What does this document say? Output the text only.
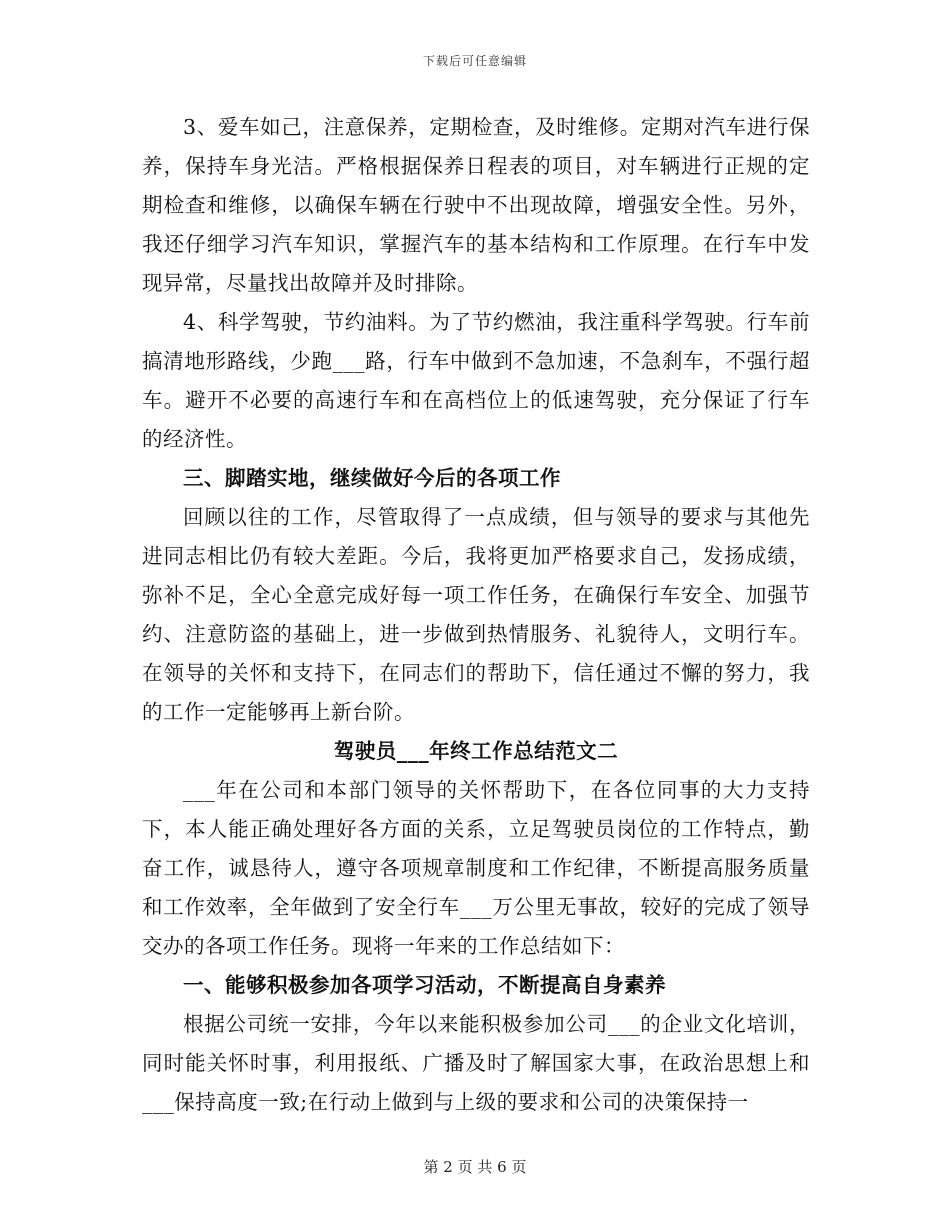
下载后可任意编辑

3、爱车如己，注意保养，定期检查，及时维修。定期对汽车进行保养，保持车身光洁。严格根据保养日程表的项目，对车辆进行正规的定期检查和维修，以确保车辆在行驶中不出现故障，增强安全性。另外，我还仔细学习汽车知识，掌握汽车的基本结构和工作原理。在行车中发现异常，尽量找出故障并及时排除。

4、科学驾驶，节约油料。为了节约燃油，我注重科学驾驶。行车前搞清地形路线，少跑___路，行车中做到不急加速，不急刹车，不强行超车。避开不必要的高速行车和在高档位上的低速驾驶，充分保证了行车的经济性。

三、脚踏实地，继续做好今后的各项工作

回顾以往的工作，尽管取得了一点成绩，但与领导的要求与其他先进同志相比仍有较大差距。今后，我将更加严格要求自己，发扬成绩，弥补不足，全心全意完成好每一项工作任务，在确保行车安全、加强节约、注意防盗的基础上，进一步做到热情服务、礼貌待人，文明行车。在领导的关怀和支持下，在同志们的帮助下，信任通过不懈的努力，我的工作一定能够再上新台阶。

驾驶员___年终工作总结范文二

___年在公司和本部门领导的关怀帮助下，在各位同事的大力支持下，本人能正确处理好各方面的关系，立足驾驶员岗位的工作特点，勤奋工作，诚恳待人，遵守各项规章制度和工作纪律，不断提高服务质量和工作效率，全年做到了安全行车___万公里无事故，较好的完成了领导交办的各项工作任务。现将一年来的工作总结如下：

一、能够积极参加各项学习活动，不断提高自身素养

根据公司统一安排，今年以来能积极参加公司___的企业文化培训，同时能关怀时事，利用报纸、广播及时了解国家大事，在政治思想上和___保持高度一致;在行动上做到与上级的要求和公司的决策保持一

第 2 页 共 6 页
